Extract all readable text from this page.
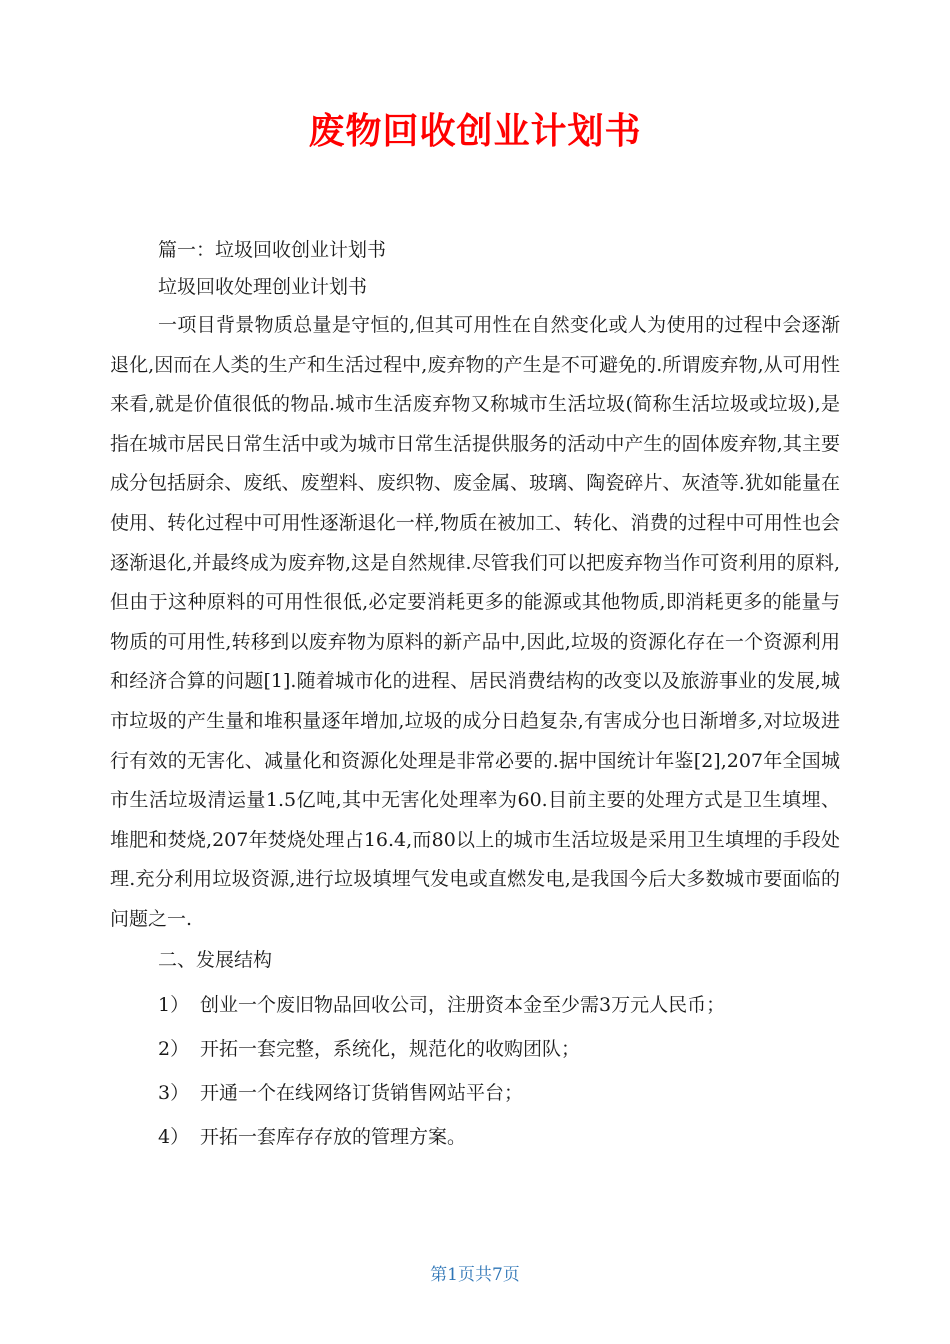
废物回收创业计划书
篇一：垃圾回收创业计划书
垃圾回收处理创业计划书

一项目背景物质总量是守恒的,但其可用性在自然变化或人为使用的过程中会逐渐退化,因而在人类的生产和生活过程中,废弃物的产生是不可避免的.所谓废弃物,从可用性来看,就是价值很低的物品.城市生活废弃物又称城市生活垃圾(简称生活垃圾或垃圾),是指在城市居民日常生活中或为城市日常生活提供服务的活动中产生的固体废弃物,其主要成分包括厨余、废纸、废塑料、废织物、废金属、玻璃、陶瓷碎片、灰渣等.犹如能量在使用、转化过程中可用性逐渐退化一样,物质在被加工、转化、消费的过程中可用性也会逐渐退化,并最终成为废弃物,这是自然规律.尽管我们可以把废弃物当作可资利用的原料,但由于这种原料的可用性很低,必定要消耗更多的能源或其他物质,即消耗更多的能量与物质的可用性,转移到以废弃物为原料的新产品中,因此,垃圾的资源化存在一个资源利用和经济合算的问题[1].随着城市化的进程、居民消费结构的改变以及旅游事业的发展,城市垃圾的产生量和堆积量逐年增加,垃圾的成分日趋复杂,有害成分也日渐增多,对垃圾进行有效的无害化、减量化和资源化处理是非常必要的.据中国统计年鉴[2],207年全国城市生活垃圾清运量1.5亿吨,其中无害化处理率为60.目前主要的处理方式是卫生填埋、堆肥和焚烧,207年焚烧处理占16.4,而80以上的城市生活垃圾是采用卫生填埋的手段处理.充分利用垃圾资源,进行垃圾填埋气发电或直燃发电,是我国今后大多数城市要面临的问题之一.

二、发展结构
1） 创业一个废旧物品回收公司，注册资本金至少需3万元人民币；
2） 开拓一套完整，系统化，规范化的收购团队；
3） 开通一个在线网络订货销售网站平台；
4） 开拓一套库存存放的管理方案。
第1页共7页
